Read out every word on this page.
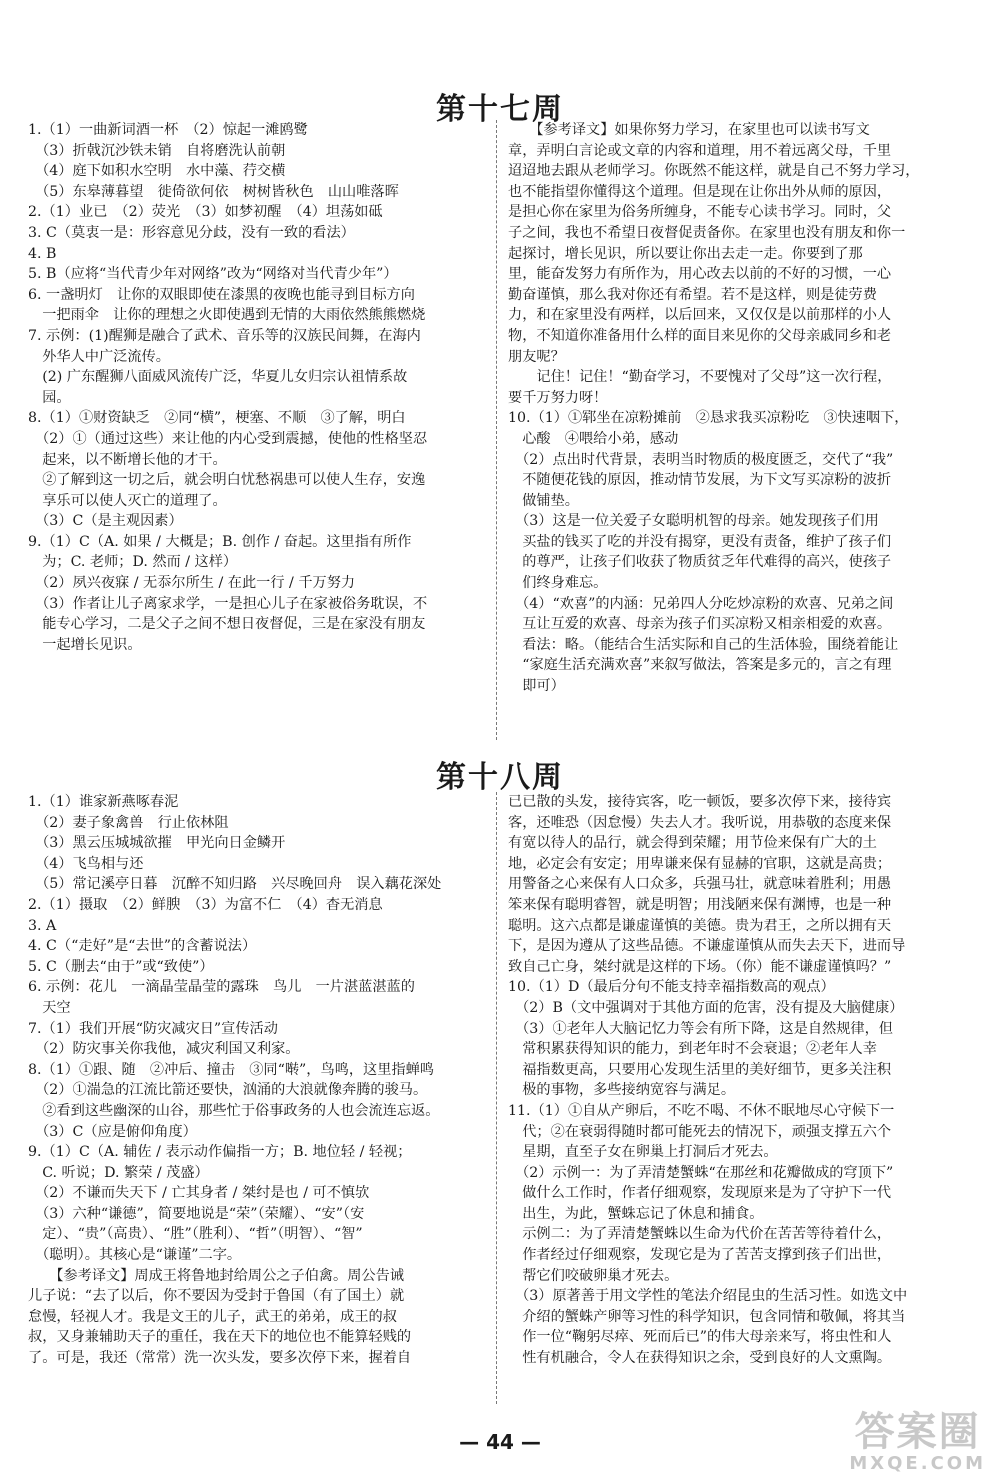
第十七周

1.（1）一曲新词酒一杯　（2）惊起一滩鸥鹭

　（3）折戟沉沙铁未销　自将磨洗认前朝

　（4）庭下如积水空明　水中藻、荇交横

　（5）东皋薄暮望　徙倚欲何依　树树皆秋色　山山唯落晖

2.（1）业已　（2）荧光　（3）如梦初醒　（4）坦荡如砥

3. C（莫衷一是：形容意见分歧，没有一致的看法）

4. B

5. B（应将“当代青少年对网络”改为“网络对当代青少年”）

6. 一盏明灯　让你的双眼即使在漆黑的夜晚也能寻到目标方向

　一把雨伞　让你的理想之火即使遇到无情的大雨依然熊熊燃烧

7. 示例：(1)醒狮是融合了武术、音乐等的汉族民间舞，在海内

　外华人中广泛流传。

　(2) 广东醒狮八面威风流传广泛，华夏儿女归宗认祖情系故

　园。

8.（1）①财资缺乏　②同“横”，梗塞、不顺　③了解，明白

　（2）①（通过这些）来让他的内心受到震撼，使他的性格坚忍

　起来，以不断增长他的才干。

　②了解到这一切之后，就会明白忧愁祸患可以使人生存，安逸

　享乐可以使人灭亡的道理了。

　（3）C（是主观因素）

9.（1）C（A. 如果 / 大概是；B. 创作 / 奋起。这里指有所作

　为；C. 老师；D. 然而 / 这样）

　（2）夙兴夜寐 / 无忝尔所生 / 在此一行 / 千万努力

　（3）作者让儿子离家求学，一是担心儿子在家被俗务耽误，不

　能专心学习，二是父子之间不想日夜督促，三是在家没有朋友

　一起增长见识。

　　【参考译文】如果你努力学习，在家里也可以读书写文

章，弄明白言论或文章的内容和道理，用不着远离父母，千里

迢迢地去跟从老师学习。你既然不能这样，就是自己不努力学习，

也不能指望你懂得这个道理。但是现在让你出外从师的原因，

是担心你在家里为俗务所缠身，不能专心读书学习。同时，父

子之间，我也不希望日夜督促责备你。在家里也没有朋友和你一

起探讨，增长见识，所以要让你出去走一走。你要到了那

里，能奋发努力有所作为，用心改去以前的不好的习惯，一心

勤奋谨慎，那么我对你还有希望。若不是这样，则是徒劳费

力，和在家里没有两样，以后回来，又仅仅是以前那样的小人

物，不知道你准备用什么样的面目来见你的父母亲戚同乡和老

朋友呢？

　　记住！记住！“勤奋学习，不要愧对了父母”这一次行程，

要千万努力呀！

10.（1）①郓坐在凉粉摊前　②恳求我买凉粉吃　③快速咽下，

　心酸　④喂给小弟，感动

　（2）点出时代背景，表明当时物质的极度匮乏，交代了“我”

　不随便花钱的原因，推动情节发展，为下文写买凉粉的波折

　做铺垫。

　（3）这是一位关爱子女聪明机智的母亲。她发现孩子们用

　买盐的钱买了吃的并没有揭穿，更没有责备，维护了孩子们

　的尊严，让孩子们收获了物质贫乏年代难得的高兴，使孩子

　们终身难忘。

　（4）“欢喜”的内涵：兄弟四人分吃炒凉粉的欢喜、兄弟之间

　互让互爱的欢喜、母亲为孩子们买凉粉又相亲相爱的欢喜。

　看法：略。（能结合生活实际和自己的生活体验，围绕着能让

　“家庭生活充满欢喜”来叙写做法，答案是多元的，言之有理

　即可）

第十八周

1.（1）谁家新燕啄春泥

　（2）妻子象禽兽　行止依林阻

　（3）黑云压城城欲摧　甲光向日金鳞开

　（4）飞鸟相与还

　（5）常记溪亭日暮　沉醉不知归路　兴尽晚回舟　误入藕花深处

2.（1）摄取　（2）鲜腴　（3）为富不仁　（4）杳无消息

3. A

4. C（“走好”是“去世”的含蓄说法）

5. C（删去“由于”或“致使”）

6. 示例：花儿　一滴晶莹晶莹的露珠　鸟儿　一片湛蓝湛蓝的

　天空

7.（1）我们开展“防灾减灾日”宣传活动

　（2）防灾事关你我他，减灾利国又利家。

8.（1）①跟、随　②冲后、撞击　③同“啭”，鸟鸣，这里指蝉鸣

　（2）①湍急的江流比箭还要快，汹涌的大浪就像奔腾的骏马。

　②看到这些幽深的山谷，那些忙于俗事政务的人也会流连忘返。

　（3）C（应是俯仰角度）

9.（1）C（A. 辅佐 / 表示动作偏指一方；B. 地位轻 / 轻视；

　C. 听说；D. 繁荣 / 茂盛）

　（2）不谦而失天下 / 亡其身者 / 桀纣是也 / 可不慎欤

　（3）六种“谦德”，简要地说是“荣”（荣耀）、“安”（安

　定）、“贵”（高贵）、“胜”（胜利）、“哲”（明智）、“智”

　（聪明）。其核心是“谦谨”二字。

　　【参考译文】周成王将鲁地封给周公之子伯禽。周公告诫

儿子说：“去了以后，你不要因为受封于鲁国（有了国土）就

怠慢，轻视人才。我是文王的儿子，武王的弟弟，成王的叔

叔，又身兼辅助天子的重任，我在天下的地位也不能算轻贱的

了。可是，我还（常常）洗一次头发，要多次停下来，握着自

已已散的头发，接待宾客，吃一顿饭，要多次停下来，接待宾

客，还唯恐（因怠慢）失去人才。我听说，用恭敬的态度来保

有宽以待人的品行，就会得到荣耀；用节俭来保有广大的土

地，必定会有安定；用卑谦来保有显赫的官职，这就是高贵；

用警备之心来保有人口众多，兵强马壮，就意味着胜利；用愚

笨来保有聪明睿智，就是明智；用浅陋来保有渊博，也是一种

聪明。这六点都是谦虚谨慎的美德。贵为君王，之所以拥有天

下，是因为遵从了这些品德。不谦虚谨慎从而失去天下，进而导

致自己亡身，桀纣就是这样的下场。（你）能不谦虚谨慎吗？”

10.（1）D（最后分句不能支持幸福指数高的观点）

　（2）B（文中强调对于其他方面的危害，没有提及大脑健康）

　（3）①老年人大脑记忆力等会有所下降，这是自然规律，但

　常积累获得知识的能力，到老年时不会衰退；②老年人幸

　福指数更高，只要用心发现生活里的美好细节，更多关注积

　极的事物，多些接纳宽容与满足。

11.（1）①自从产卵后，不吃不喝、不休不眠地尽心守候下一

　代；②在衰弱得随时都可能死去的情况下，顽强支撑五六个

　星期，直至子女在卵巢上打洞后才死去。

　（2）示例一：为了弄清楚蟹蛛“在那丝和花瓣做成的穹顶下”

　做什么工作时，作者仔细观察，发现原来是为了守护下一代

　出生，为此，蟹蛛忘记了休息和捕食。

　示例二：为了弄清楚蟹蛛以生命为代价在苦苦等待着什么，

　作者经过仔细观察，发现它是为了苦苦支撑到孩子们出世，

　帮它们咬破卵巢才死去。

　（3）原著善于用文学性的笔法介绍昆虫的生活习性。如选文中

　介绍的蟹蛛产卵等习性的科学知识，包含同情和敬佩，将其当

　作一位“鞠躬尽瘁、死而后已”的伟大母亲来写，将虫性和人

　性有机融合，令人在获得知识之余，受到良好的人文熏陶。

— 44 —	答案圈
MXQE.COM
